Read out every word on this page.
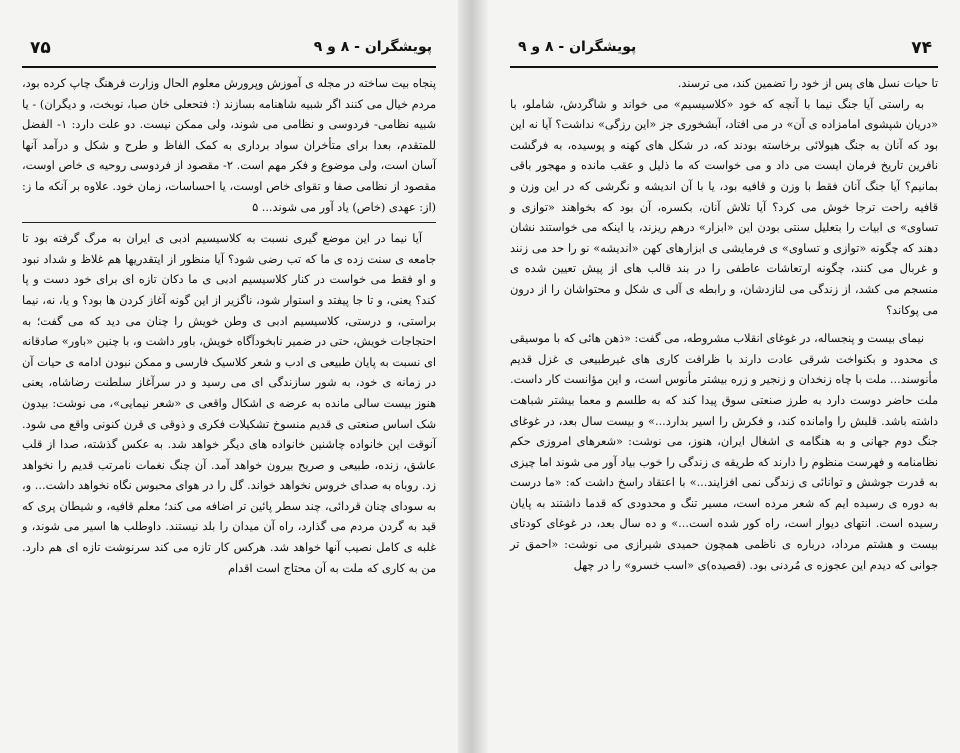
۷۵	پویشگران - ۸ و ۹

پنجاه بیت ساخته در مجله ی آموزش وپرورش معلوم الحال وزارت فرهنگ چاپ کرده بود، مردم خیال می کنند اگر شبیه شاهنامه بسازند (: فتحعلی خان صبا، نوبخت، و دیگران) - یا شبیه نظامی- فردوسی و نظامی می شوند، ولی ممکن نیست. دو علت دارد: ۱- الفضل للمتقدم، بعدا برای متأخران سواد برداری به کمک الفاظ و طرح و شکل و درآمد آنها آسان است، ولی موضوع و فکر مهم است. ۲- مقصود از فردوسی روحیه ی خاص اوست، مقصود از نظامی صفا و تقوای خاص اوست، یا احساسات، زمان خود. علاوه بر آنکه ما ز: (از: عهدی (خاص) یاد آور می شوند... ۵

آیا نیما در این موضع گیری نسبت به کلاسیسیم ادبی ی ایران به مرگ گرفته بود تا جامعه ی سنت زده ی ما که تب رضی شود؟ آیا منظور از ایتقدریها هم غلاظ و شداد نبود و او فقط می خواست در کنار کلاسیسیم ادبی ی ما دکان تازه ای برای خود دست و پا کند؟ یعنی، و تا جا پیفتد و استوار شود، ناگزیر از این گونه آغاز کردن ها بود؟ و یا، نه، نیما براستی، و درستی، کلاسیسیم ادبی ی وطن خویش را چنان می دید که می گفت؛ به احتجاجات خویش، حتی در ضمیر نابخودآگاه خویش، باور داشت و، با چنین «باور» صادقانه ای نسبت به پایان طبیعی ی ادب و شعر کلاسیک فارسی و ممکن نبودن ادامه ی حیات آن در زمانه ی خود، به شور سازندگی ای می رسید و در سرآغاز سلطنت رضاشاه، یعنی هنوز بیست سالی مانده به عرضه ی اشکال واقعی ی «شعر نیمایی»، می نوشت: بیدون شک اساس صنعتی ی قدیم منسوخ تشکیلات فکری و ذوقی ی قرن کنونی واقع می شود. آنوقت این خانواده چاشنین خانواده های دیگر خواهد شد. به عکس گذشته، صدا از قلب عاشق، زنده، طبیعی و صریح بیرون خواهد آمد. آن چنگ نغمات نامرتب قدیم را نخواهد زد. روباه به صدای خروس نخواهد خواند. گل را در هوای محبوس نگاه نخواهد داشت... و، به سودای چنان قردائی، چند سطر پائین تر اضافه می کند؛ معلم قافیه، و شیطان پری که قید به گردن مردم می گذارد، راه آن میدان را بلد نیستند. داوطلب ها اسیر می شوند، و غلبه ی کامل نصیب آنها خواهد شد. هرکس کار تازه می کند سرنوشت تازه ای هم دارد. من به کاری که ملت به آن محتاج است اقدام

۷۴
پویشگران - ۸ و ۹

تا حیات نسل های پس از خود را تضمین کند، می ترسند.

به راستی آیا جنگ نیما با آنچه که خود «کلاسیسیم» می خواند و شاگردش، شاملو، با «دریان شپشوی امامزاده ی آن» در می افتاد، آبشخوری جز «این رزگی» نداشت؟ آیا نه این بود که آنان به جنگ هیولائی برخاسته بودند که، در شکل های کهنه و پوسیده، به فرگشت نافرین تاریخ فرمان ایست می داد و می خواست که ما ذلیل و عقب مانده و مهجور باقی بمانیم؟ آیا جنگ آنان فقط با وزن و قافیه بود، یا با آن اندیشه و نگرشی که در این وزن و قافیه راحت ترجا خوش می کرد؟ آیا تلاش آنان، بکسره، آن بود که بخواهند «توازی و تساوی» ی ابیات را بتعلیل سنتی بودن این «ابزار» درهم ریزند، یا اینکه می خواستند نشان دهند که چگونه «توازی و تساوی» ی فرمایشی ی ابزارهای کهن «اندیشه» نو را حد می زنند و غربال می کنند، چگونه ارتعاشات عاطفی را در بند قالب های از پیش تعیین شده ی منسجم می کشد، از زندگی می لنازدشان، و رابطه ی آلی ی شکل و محتواشان را از درون می پوکاند؟

نیمای بیست و پنجساله، در غوغای انقلاب مشروطه، می گفت: «ذهن هائی که با موسیقی ی محدود و بکنواخت شرقی عادت دارند با ظرافت کاری های غیرطبیعی ی غزل قدیم مأنوسند... ملت با چاه زنخدان و زنجیر و زره بیشتر مأنوس است، و این مؤانست کار داست. ملت حاضر دوست دارد به طرز صنعتی سوق پیدا کند که به طلسم و معما بیشتر شباهت داشته باشد. قلبش را وامانده کند، و فکرش را اسیر بدارد...» و بیست سال بعد، در غوغای جنگ دوم جهانی و به هنگامه ی اشغال ایران، هنوز، می نوشت: «شعرهای امروزی حکم نظامنامه و فهرست منظوم را دارند که طریقه ی زندگی را خوب بیاد آور می شوند اما چیزی به قدرت جوشش و توانائی ی زندگی نمی افزایند...» با اعتقاد راسخ داشت که: «ما درست به دوره ی رسیده ایم که شعر مرده است، مسیر تنگ و محدودی که قدما داشتند به پایان رسیده است. انتهای دیوار است، راه کور شده است...» و ده سال بعد، در غوغای کودتای بیست و هشتم مرداد، درباره ی ناظمی همچون حمیدی شیرازی می نوشت: «احمق تر جوانی که دیدم این عجوزه ی مُردنی بود. (قصیده)ی «اسب خسرو» را در چهل
